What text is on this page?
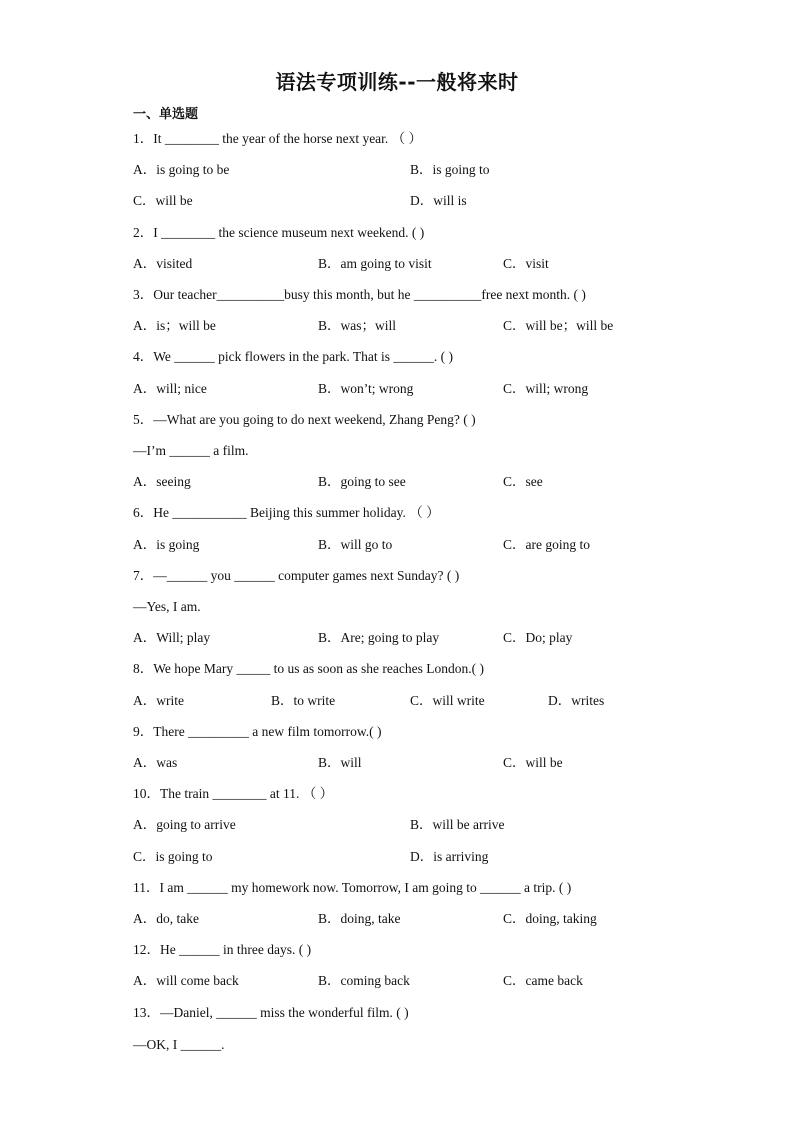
语法专项训练--一般将来时
一、单选题
1．It ________ the year of the horse next year. （ ）
A．is going to be	B．is going to
C．will be	D．will is
2．I ________ the science museum next weekend. ( )
A．visited	B．am going to visit	C．visit
3．Our teacher__________busy this month, but he __________free next month. ( )
A．is；will be	B．was；will	C．will be；will be
4．We ______ pick flowers in the park. That is ______. ( )
A．will; nice	B．won’t; wrong	C．will; wrong
5．—What are you going to do next weekend, Zhang Peng? ( )
—I’m ______ a film.
A．seeing	B．going to see	C．see
6．He ___________ Beijing this summer holiday. （ ）
A．is going	B．will go to	C．are going to
7．—______ you ______ computer games next Sunday? ( )
—Yes, I am.
A．Will; play	B．Are; going to play	C．Do; play
8．We hope Mary _____ to us as soon as she reaches London.( )
A．write	B．to write	C．will write	D．writes
9．There _________ a new film tomorrow.( )
A．was	B．will	C．will be
10．The train ________ at 11. （ ）
A．going to arrive	B．will be arrive
C．is going to	D．is arriving
11．I am ______ my homework now. Tomorrow, I am going to ______ a trip. ( )
A．do, take	B．doing, take	C．doing, taking
12．He ______ in three days. ( )
A．will come back	B．coming back	C．came back
13．—Daniel, ______ miss the wonderful film. ( )
—OK, I ______.
